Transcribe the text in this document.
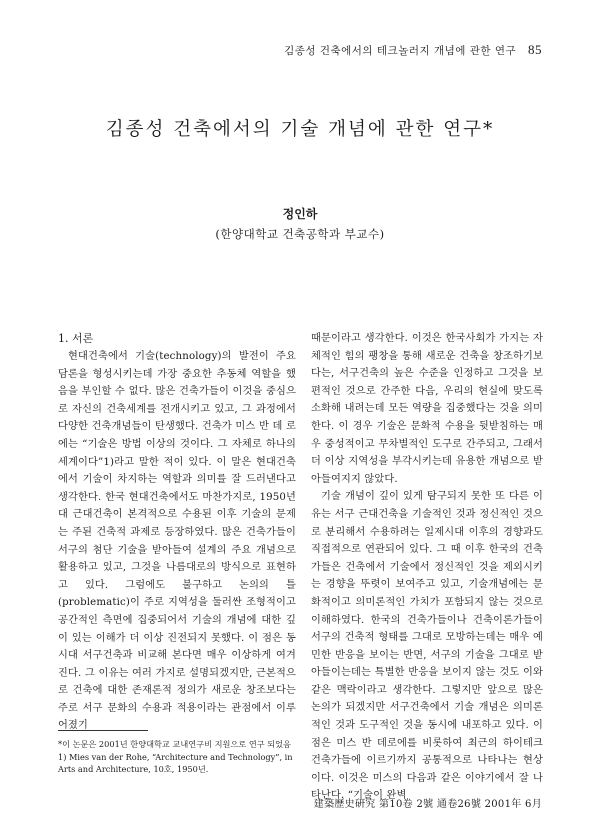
김종성 건축에서의 테크놀러지 개념에 관한 연구 85
김종성 건축에서의 기술 개념에 관한 연구*
정인하
(한양대학교 건축공학과 부교수)
1. 서론

현대건축에서 기술(technology)의 발전이 주요 담론을 형성시키는데 가장 중요한 추동체 역할을 했음을 부인할 수 없다. 많은 건축가들이 이것을 중심으로 자신의 건축세계를 전개시키고 있고, 그 과정에서 다양한 건축개념들이 탄생했다. 건축가 미스 반 데 로에는 “기술은 방법 이상의 것이다. 그 자체로 하나의 세계이다”1)라고 말한 적이 있다. 이 말은 현대건축에서 기술이 차지하는 역할과 의미를 잘 드러낸다고 생각한다. 한국 현대건축에서도 마찬가지로, 1950년대 근대건축이 본격적으로 수용된 이후 기술의 문제는 주된 건축적 과제로 등장하였다. 많은 건축가들이 서구의 첨단 기술을 받아들여 설계의 주요 개념으로 활용하고 있고, 그것을 나름대로의 방식으로 표현하고 있다. 그럼에도 불구하고 논의의 틀(problematic)이 주로 지역성을 둘러싼 조형적이고 공간적인 측면에 집중되어서 기술의 개념에 대한 깊이 있는 이해가 더 이상 진전되지 못했다. 이 점은 동시대 서구건축과 비교해 본다면 매우 이상하게 여겨진다. 그 이유는 여러 가지로 설명되겠지만, 근본적으로 건축에 대한 존재론적 정의가 새로운 창조보다는 주로 서구 문화의 수용과 적용이라는 관점에서 이루어졌기

때문이라고 생각한다. 이것은 한국사회가 가지는 자체적인 힘의 팽창을 통해 새로운 건축을 창조하기보다는, 서구건축의 높은 수준을 인정하고 그것을 보편적인 것으로 간주한 다음, 우리의 현실에 맞도록 소화해 내려는데 모든 역량을 집중했다는 것을 의미한다. 이 경우 기술은 문화적 수용을 뒷받침하는 매우 중성적이고 무차별적인 도구로 간주되고, 그래서 더 이상 지역성을 부각시키는데 유용한 개념으로 받아들여지지 않았다.

기술 개념이 깊이 있게 탐구되지 못한 또 다른 이유는 서구 근대건축을 기술적인 것과 정신적인 것으로 분리해서 수용하려는 일제시대 이후의 경향과도 직접적으로 연관되어 있다. 그 때 이후 한국의 건축가들은 건축에서 기술에서 정신적인 것을 제외시키는 경향을 뚜렷이 보여주고 있고, 기술개념에는 문화적이고 의미론적인 가치가 포함되지 않는 것으로 이해하였다. 한국의 건축가들이나 건축이론가들이 서구의 건축적 형태를 그대로 모방하는데는 매우 예민한 반응을 보이는 반면, 서구의 기술을 그대로 받아들이는데는 특별한 반응을 보이지 않는 것도 이와 같은 맥락이라고 생각한다. 그렇지만 앞으로 많은 논의가 되겠지만 서구건축에서 기술 개념은 의미론적인 것과 도구적인 것을 동시에 내포하고 있다. 이 점은 미스 반 데로에를 비롯하여 최근의 하이테크 건축가들에 이르기까지 공통적으로 나타나는 현상이다. 이것은 미스의 다음과 같은 이야기에서 잘 나타난다. “기술이 완벽

*이 논문은 2001년 한양대학교 교내연구비 지원으로 연구 되었음
1) Mies van der Rohe, “Architecture and Technology”, in Arts and Architecture, 10호, 1950년.
建築歷史硏究 第10卷 2號 通卷26號 2001年 6月
